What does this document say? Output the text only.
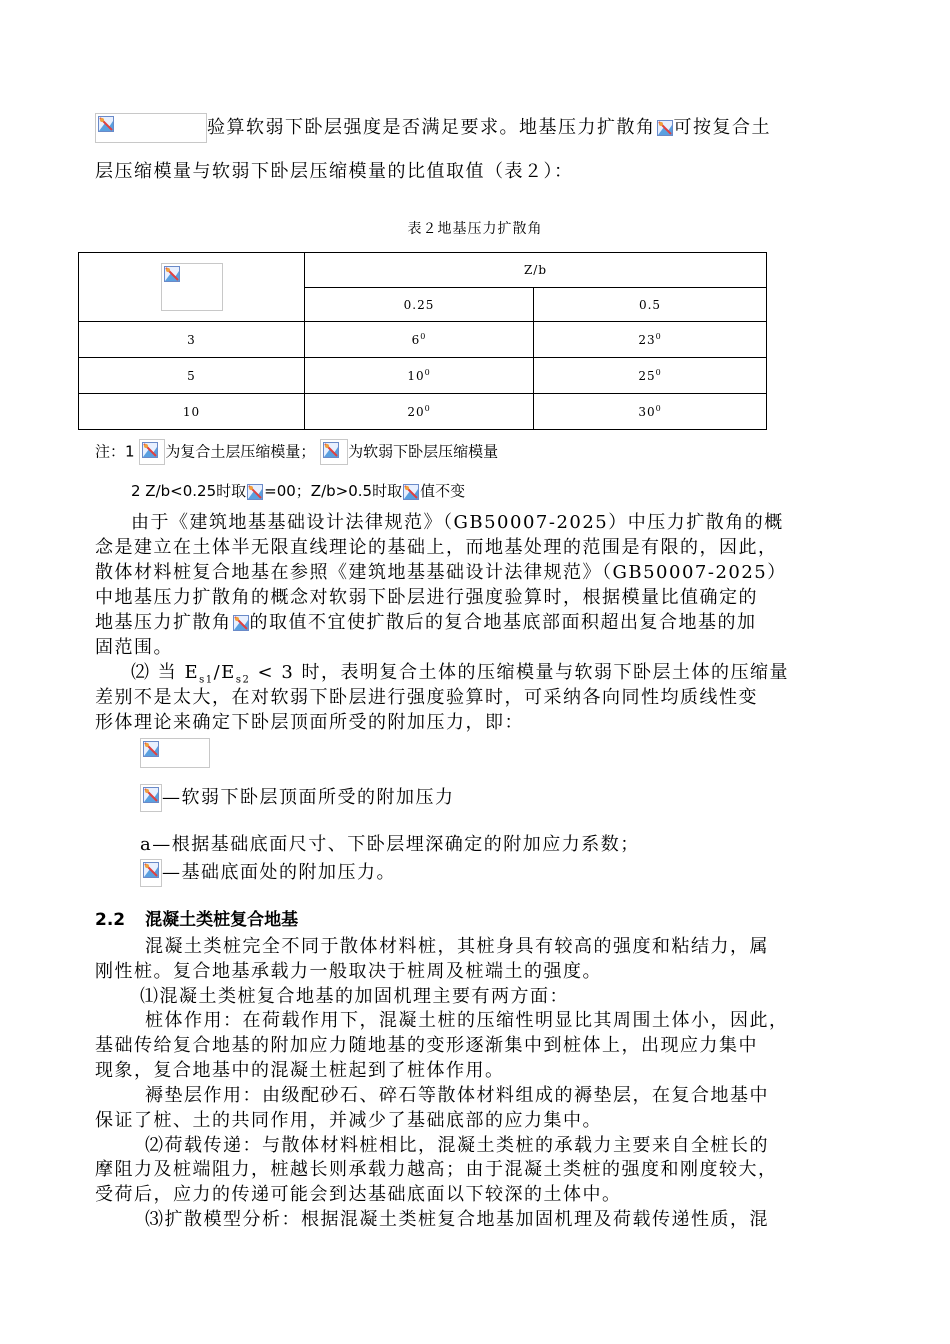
验算软弱下卧层强度是否满足要求。地基压力扩散角 可按复合土
层压缩模量与软弱下卧层压缩模量的比值取值（表２）：
表２地基压力扩散角
	Z/b	
	0.25	0.5
3	$6^0$	$23^0$
5	$10^0$	$25^0$
10	$20^0$	$30^0$
注：1 为复合土层压缩模量； 为软弱下卧层压缩模量
2 Z/b<0.25时取 =00；Z/b>0.5时取 值不变
由于《建筑地基基础设计法律规范》（GB50007-2025）中压力扩散角的概
念是建立在土体半无限直线理论的基础上，而地基处理的范围是有限的，因此，
散体材料桩复合地基在参照《建筑地基基础设计法律规范》（GB50007-2025）
中地基压力扩散角的概念对软弱下卧层进行强度验算时，根据模量比值确定的
地基压力扩散角 的取值不宜使扩散后的复合地基底部面积超出复合地基的加
固范围。
⑵ 当 $E_{s1}/E_{s2} < 3$ 时，表明复合土体的压缩模量与软弱下卧层土体的压缩量
差别不是太大，在对软弱下卧层进行强度验算时，可采纳各向同性均质线性变
形体理论来确定下卧层顶面所受的附加压力，即：
—软弱下卧层顶面所受的附加压力
a—根据基础底面尺寸、下卧层埋深确定的附加应力系数；
—基础底面处的附加压力。
2.2 混凝土类桩复合地基
混凝土类桩完全不同于散体材料桩，其桩身具有较高的强度和粘结力，属
刚性桩。复合地基承载力一般取决于桩周及桩端土的强度。
⑴混凝土类桩复合地基的加固机理主要有两方面：
桩体作用：在荷载作用下，混凝土桩的压缩性明显比其周围土体小，因此，
基础传给复合地基的附加应力随地基的变形逐渐集中到桩体上，出现应力集中
现象，复合地基中的混凝土桩起到了桩体作用。
褥垫层作用：由级配砂石、碎石等散体材料组成的褥垫层，在复合地基中
保证了桩、土的共同作用，并减少了基础底部的应力集中。
⑵荷载传递：与散体材料桩相比，混凝土类桩的承载力主要来自全桩长的
摩阻力及桩端阻力，桩越长则承载力越高；由于混凝土类桩的强度和刚度较大，
受荷后，应力的传递可能会到达基础底面以下较深的土体中。
⑶扩散模型分析：根据混凝土类桩复合地基加固机理及荷载传递性质，混
